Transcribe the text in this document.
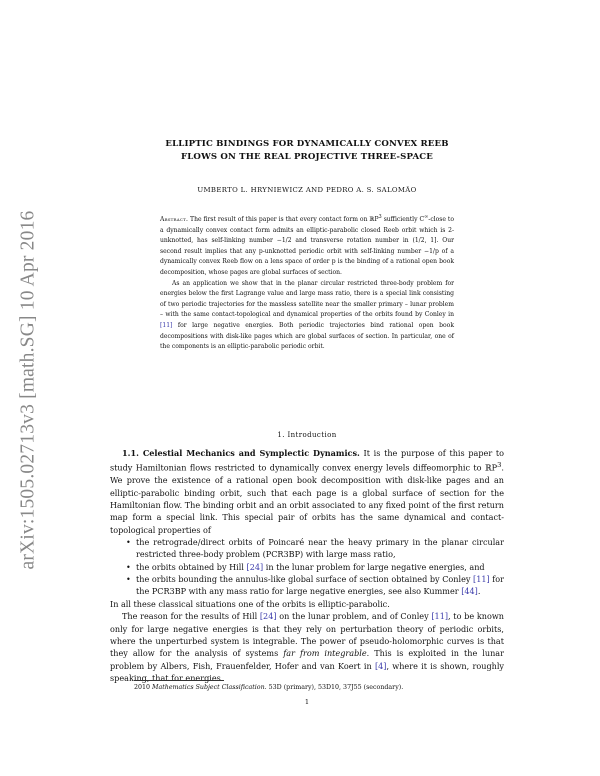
arXiv:1505.02713v3 [math.SG] 10 Apr 2016
ELLIPTIC BINDINGS FOR DYNAMICALLY CONVEX REEB
FLOWS ON THE REAL PROJECTIVE THREE-SPACE
UMBERTO L. HRYNIEWICZ AND PEDRO A. S. SALOMÃO

Abstract. The first result of this paper is that every contact form on ℝP$^3$ sufficiently C∞-close to a dynamically convex contact form admits an elliptic-parabolic closed Reeb orbit which is 2-unknotted, has self-linking number −1/2 and transverse rotation number in (1/2, 1]. Our second result implies that any p-unknotted periodic orbit with self-linking number −1/p of a dynamically convex Reeb flow on a lens space of order p is the binding of a rational open book decomposition, whose pages are global surfaces of section.

As an application we show that in the planar circular restricted three-body problem for energies below the first Lagrange value and large mass ratio, there is a special link consisting of two periodic trajectories for the massless satellite near the smaller primary – lunar problem – with the same contact-topological and dynamical properties of the orbits found by Conley in [11] for large negative energies. Both periodic trajectories bind rational open book decompositions with disk-like pages which are global surfaces of section. In particular, one of the components is an elliptic-parabolic periodic orbit.

1. Introduction

1.1. Celestial Mechanics and Symplectic Dynamics. It is the purpose of this paper to study Hamiltonian flows restricted to dynamically convex energy levels diffeomorphic to ℝP$^3$. We prove the existence of a rational open book decomposition with disk-like pages and an elliptic-parabolic binding orbit, such that each page is a global surface of section for the Hamiltonian flow. The binding orbit and an orbit associated to any fixed point of the first return map form a special link. This special pair of orbits has the same dynamical and contact-topological properties of

• the retrograde/direct orbits of Poincaré near the heavy primary in the planar circular restricted three-body problem (PCR3BP) with large mass ratio,
• the orbits obtained by Hill [24] in the lunar problem for large negative energies, and
• the orbits bounding the annulus-like global surface of section obtained by Conley [11] for the PCR3BP with any mass ratio for large negative energies, see also Kummer [44].

In all these classical situations one of the orbits is elliptic-parabolic.

The reason for the results of Hill [24] on the lunar problem, and of Conley [11], to be known only for large negative energies is that they rely on perturbation theory of periodic orbits, where the unperturbed system is integrable. The power of pseudo-holomorphic curves is that they allow for the analysis of systems far from integrable. This is exploited in the lunar problem by Albers, Fish, Frauenfelder, Hofer and van Koert in [4], where it is shown, roughly speaking, that for energies

2010 Mathematics Subject Classification. 53D (primary), 53D10, 37J55 (secondary).
1
